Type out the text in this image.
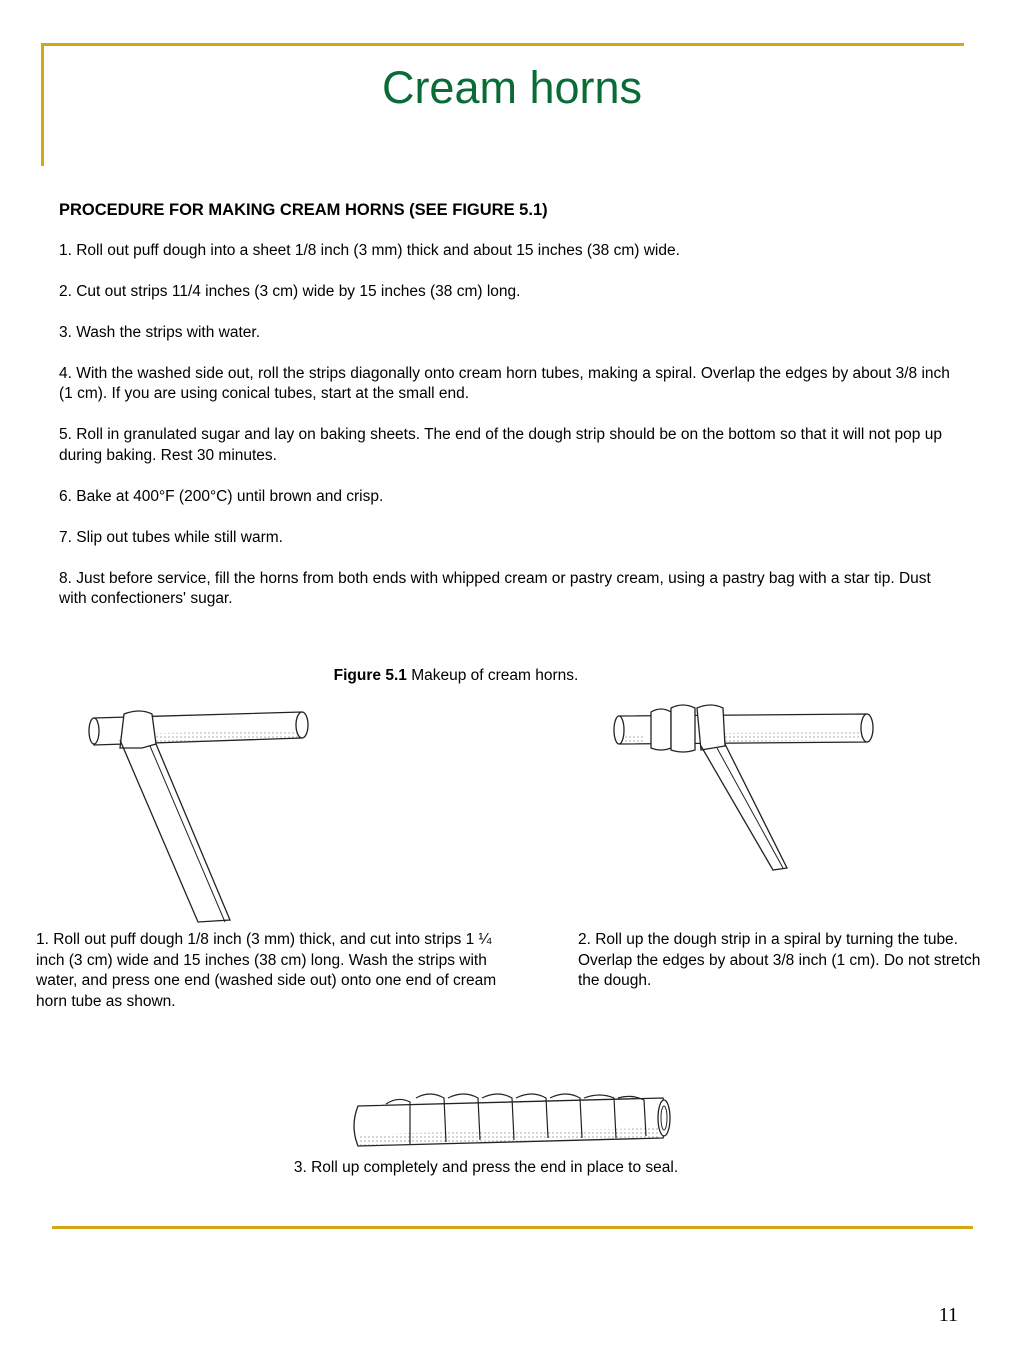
Cream horns
PROCEDURE FOR MAKING CREAM HORNS (SEE FIGURE 5.1)
1. Roll out puff dough into a sheet 1/8 inch (3 mm) thick and about 15 inches (38 cm) wide.
2. Cut out strips 11/4 inches (3 cm) wide by 15 inches (38 cm) long.
3. Wash the strips with water.
4. With the washed side out, roll the strips diagonally onto cream horn tubes, making a spiral. Overlap the edges by about 3/8 inch (1 cm). If you are using conical tubes, start at the small end.
5. Roll in granulated sugar and lay on baking sheets. The end of the dough strip should be on the bottom so that it will not pop up during baking. Rest 30 minutes.
6. Bake at 400°F (200°C) until brown and crisp.
7. Slip out tubes while still warm.
8. Just before service, fill the horns from both ends with whipped cream or pastry cream, using a pastry bag with a star tip. Dust with confectioners' sugar.
Figure 5.1 Makeup of cream horns.
1. Roll out puff dough 1/8 inch (3 mm) thick, and cut into strips 1 ¼ inch (3 cm) wide and 15 inches (38 cm) long. Wash the strips with water, and press one end (washed side out) onto one end of cream horn tube as shown.
2. Roll up the dough strip in a spiral by turning the tube. Overlap the edges by about 3/8 inch (1 cm). Do not stretch the dough.
3. Roll up completely and press the end in place to seal.
11
